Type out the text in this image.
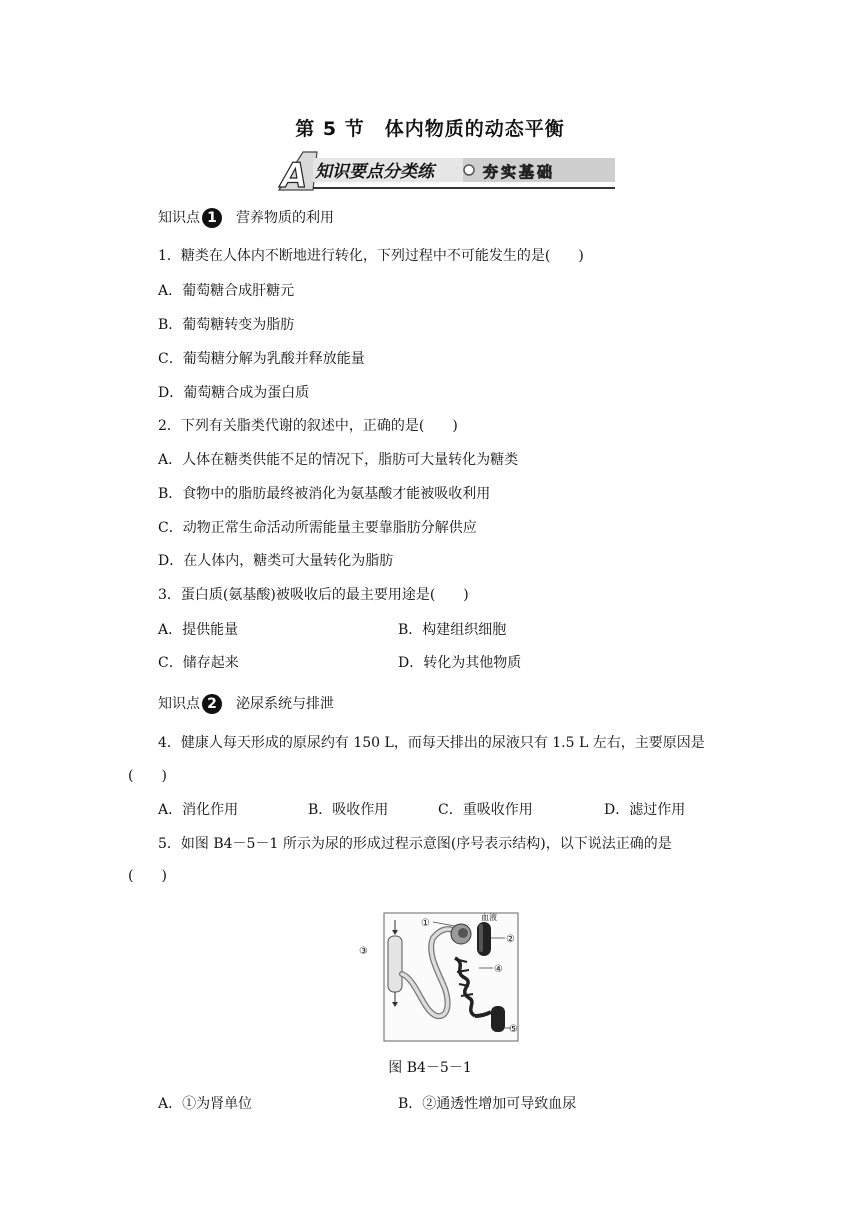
第 5 节　体内物质的动态平衡
A 知识要点分类练	夯实基础
知识点 1	营养物质的利用
1．糖类在人体内不断地进行转化，下列过程中不可能发生的是(　　)
A．葡萄糖合成肝糖元
B．葡萄糖转变为脂肪
C．葡萄糖分解为乳酸并释放能量
D．葡萄糖合成为蛋白质
2．下列有关脂类代谢的叙述中，正确的是(　　)
A．人体在糖类供能不足的情况下，脂肪可大量转化为糖类
B．食物中的脂肪最终被消化为氨基酸才能被吸收利用
C．动物正常生命活动所需能量主要靠脂肪分解供应
D．在人体内，糖类可大量转化为脂肪
3．蛋白质(氨基酸)被吸收后的最主要用途是(　　)
A．提供能量	B．构建组织细胞
C．储存起来	D．转化为其他物质
知识点 2	泌尿系统与排泄
4．健康人每天形成的原尿约有 150 L，而每天排出的尿液只有 1.5 L 左右，主要原因是
(　　)
A．消化作用	B．吸收作用	C．重吸收作用	D．滤过作用
5．如图 B4－5－1 所示为尿的形成过程示意图(序号表示结构)，以下说法正确的是
(　　)
血液
①
②
③
④
⑤
图 B4－5－1
A．①为肾单位	B．②通透性增加可导致血尿
